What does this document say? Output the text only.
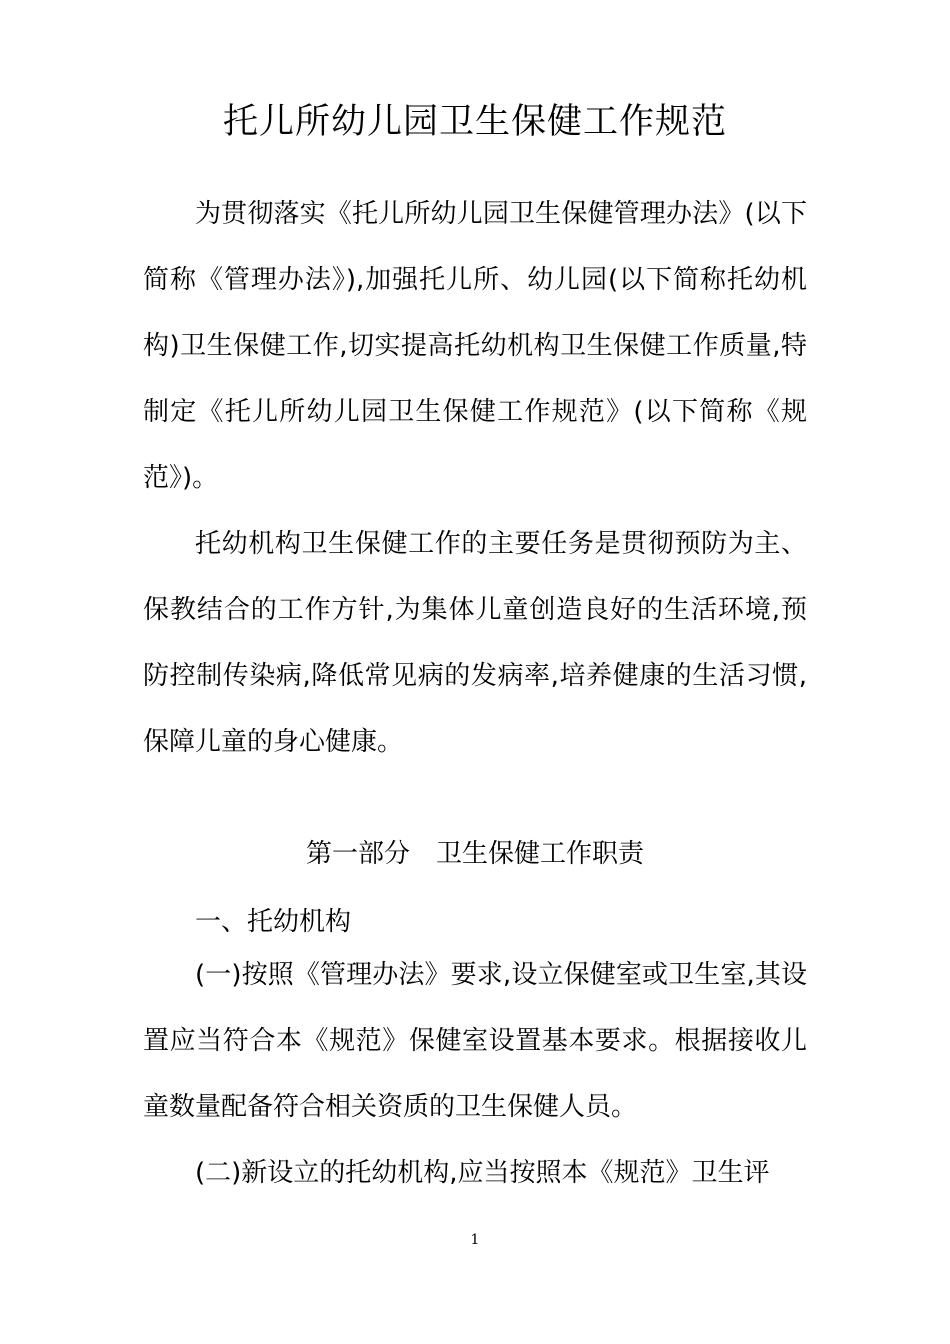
托儿所幼儿园卫生保健工作规范
为贯彻落实《托儿所幼儿园卫生保健管理办法》(以下简称《管理办法》),加强托儿所、幼儿园(以下简称托幼机构)卫生保健工作,切实提高托幼机构卫生保健工作质量,特制定《托儿所幼儿园卫生保健工作规范》(以下简称《规范》)。
托幼机构卫生保健工作的主要任务是贯彻预防为主、保教结合的工作方针,为集体儿童创造良好的生活环境,预防控制传染病,降低常见病的发病率,培养健康的生活习惯,保障儿童的身心健康。
第一部分　卫生保健工作职责
一、托幼机构
(一)按照《管理办法》要求,设立保健室或卫生室,其设置应当符合本《规范》保健室设置基本要求。根据接收儿童数量配备符合相关资质的卫生保健人员。
(二)新设立的托幼机构,应当按照本《规范》卫生评
1
